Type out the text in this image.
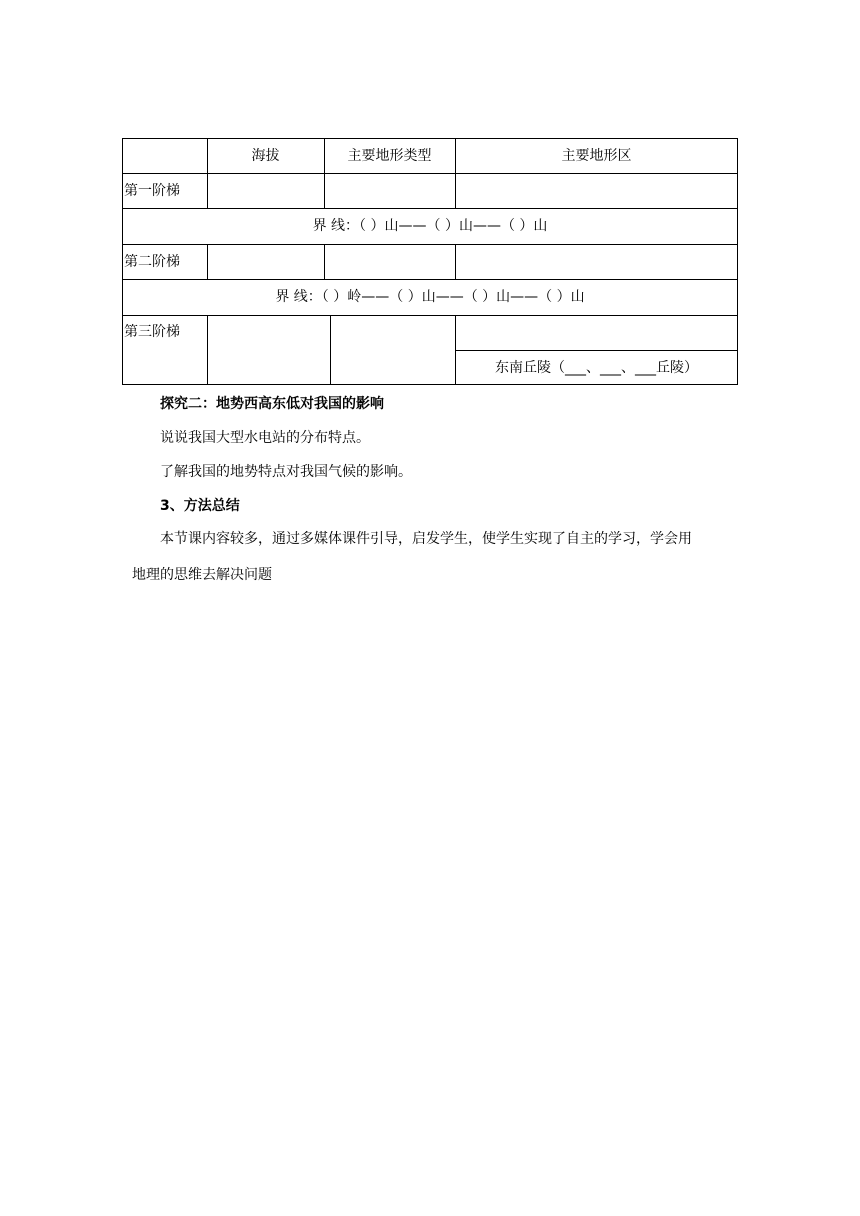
海拔	主要地形类型	主要地形区
第一阶梯
界 线：（ ）山——（ ）山——（ ）山
第二阶梯
界 线：（ ）岭——（ ）山——（ ）山——（ ）山
第三阶梯
东南丘陵（___、___、___丘陵）
探究二：地势西高东低对我国的影响
说说我国大型水电站的分布特点。
了解我国的地势特点对我国气候的影响。
3、方法总结
本节课内容较多，通过多媒体课件引导，启发学生，使学生实现了自主的学习，学会用
地理的思维去解决问题
